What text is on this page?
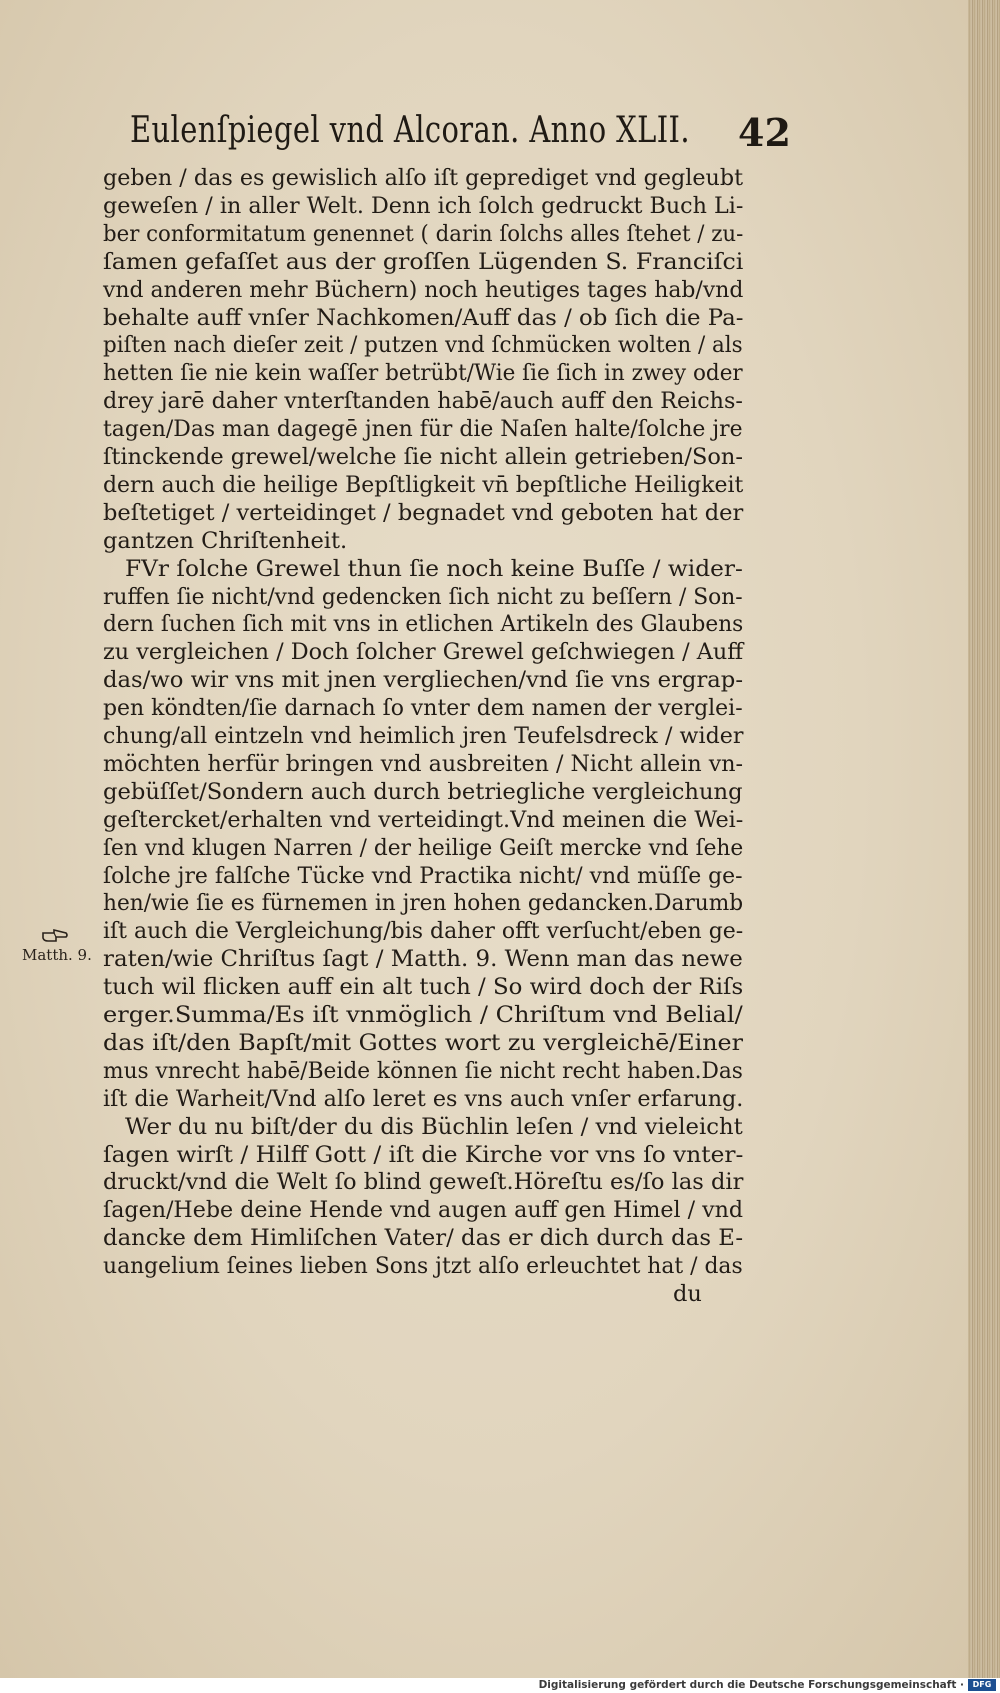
Eulenſpiegel vnd Alcoran. Anno XLII. 42
geben / das es gewislich alſo iſt geprediget vnd gegleubt
geweſen / in aller Welt. Denn ich ſolch gedruckt Buch Li-
ber conformitatum genennet ( darin ſolchs alles ſtehet / zu-
ſamen gefaſſet aus der groſſen Lügenden S. Franciſci
vnd anderen mehr Büchern) noch heutiges tages hab/vnd
behalte auff vnſer Nachkomen/Auff das / ob ſich die Pa-
piſten nach dieſer zeit / putzen vnd ſchmücken wolten / als
hetten ſie nie kein waſſer betrübt/Wie ſie ſich in zwey oder
drey jarē daher vnterſtanden habē/auch auff den Reichs-
tagen/Das man dagegē jnen für die Naſen halte/ſolche jre
ſtinckende grewel/welche ſie nicht allein getrieben/Son-
dern auch die heilige Bepſtligkeit vn̄ bepſtliche Heiligkeit
beſtetiget / verteidinget / begnadet vnd geboten hat der
gantzen Chriſtenheit.
FVr ſolche Grewel thun ſie noch keine Buſſe / wider-
ruffen ſie nicht/vnd gedencken ſich nicht zu beſſern / Son-
dern ſuchen ſich mit vns in etlichen Artikeln des Glaubens
zu vergleichen / Doch ſolcher Grewel geſchwiegen / Auff
das/wo wir vns mit jnen vergliechen/vnd ſie vns ergrap-
pen köndten/ſie darnach ſo vnter dem namen der verglei-
chung/all eintzeln vnd heimlich jren Teufelsdreck / wider
möchten herfür bringen vnd ausbreiten / Nicht allein vn-
gebüſſet/Sondern auch durch betriegliche vergleichung
geſtercket/erhalten vnd verteidingt.Vnd meinen die Wei-
ſen vnd klugen Narren / der heilige Geiſt mercke vnd ſehe
ſolche jre falſche Tücke vnd Practika nicht/ vnd müſſe ge-
hen/wie ſie es fürnemen in jren hohen gedancken.Darumb
iſt auch die Vergleichung/bis daher offt verſucht/eben ge-
raten/wie Chriſtus ſagt / Matth. 9. Wenn man das newe
tuch wil flicken auff ein alt tuch / So wird doch der Riſs
erger.Summa/Es iſt vnmöglich / Chriſtum vnd Belial/
das iſt/den Bapſt/mit Gottes wort zu vergleichē/Einer
mus vnrecht habē/Beide können ſie nicht recht haben.Das
iſt die Warheit/Vnd alſo leret es vns auch vnſer erfarung.
Wer du nu biſt/der du dis Büchlin leſen / vnd vieleicht
ſagen wirſt / Hilff Gott / iſt die Kirche vor vns ſo vnter-
druckt/vnd die Welt ſo blind geweſt.Höreſtu es/ſo las dir
ſagen/Hebe deine Hende vnd augen auff gen Himel / vnd
dancke dem Himliſchen Vater/ das er dich durch das E-
uangelium ſeines lieben Sons jtzt alſo erleuchtet hat / das
du
Matth. 9.
Digitalisierung gefördert durch die Deutsche Forschungsgemeinschaft ·	DFG
